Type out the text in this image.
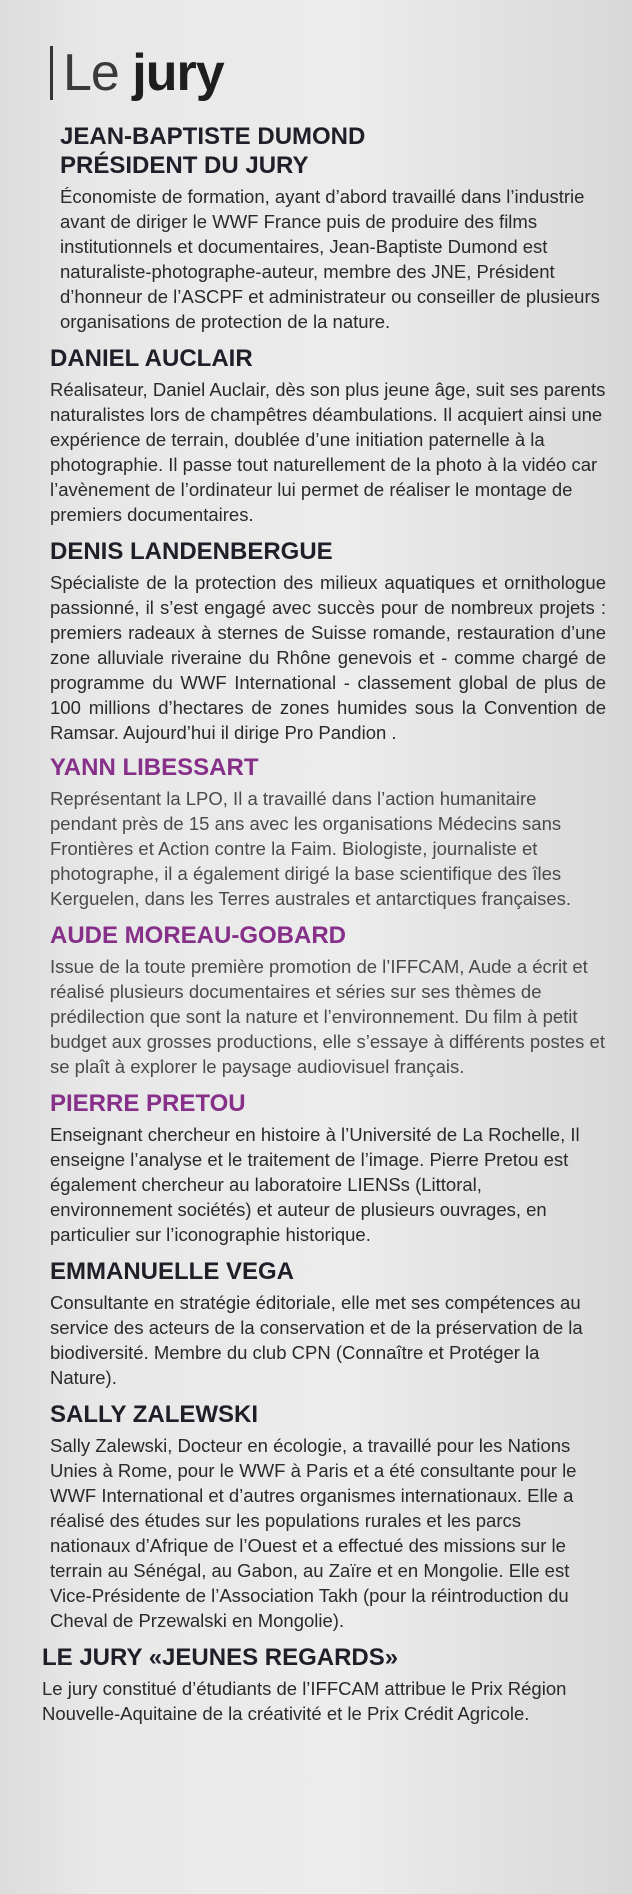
Le jury
JEAN-BAPTISTE DUMOND
PRÉSIDENT DU JURY
Économiste de formation, ayant d’abord travaillé dans l’industrie avant de diriger le WWF France puis de produire des films institutionnels et documentaires, Jean-Baptiste Dumond est naturaliste-photographe-auteur, membre des JNE, Président d’honneur de l’ASCPF et administrateur ou conseiller de plusieurs organisations de protection de la nature.
DANIEL AUCLAIR
Réalisateur, Daniel Auclair, dès son plus jeune âge, suit ses parents naturalistes lors de champêtres déambulations. Il acquiert ainsi une expérience de terrain, doublée d’une initiation paternelle à la photographie. Il passe tout naturellement de la photo à la vidéo car l’avènement de l’ordinateur lui permet de réaliser le montage de premiers documentaires.
DENIS LANDENBERGUE
Spécialiste de la protection des milieux aquatiques et ornithologue passionné, il s’est engagé avec succès pour de nombreux projets : premiers radeaux à sternes de Suisse romande, restauration d’une zone alluviale riveraine du Rhône genevois et - comme chargé de programme du WWF International - classement global de plus de 100 millions d’hectares de zones humides sous la Convention de Ramsar. Aujourd’hui il dirige Pro Pandion .
YANN LIBESSART
Représentant la LPO, Il a travaillé dans l’action humanitaire pendant près de 15 ans avec les organisations Médecins sans Frontières et Action contre la Faim. Biologiste, journaliste et photographe, il a également dirigé la base scientifique des îles Kerguelen, dans les Terres australes et antarctiques françaises.
AUDE MOREAU-GOBARD
Issue de la toute première promotion de l’IFFCAM, Aude a écrit et réalisé plusieurs documentaires et séries sur ses thèmes de prédilection que sont la nature et l’environnement. Du film à petit budget aux grosses productions, elle s’essaye à différents postes et se plaît à explorer le paysage audiovisuel français.
PIERRE PRETOU
Enseignant chercheur en histoire à l’Université de La Rochelle, Il enseigne l’analyse et le traitement de l’image. Pierre Pretou est également chercheur au laboratoire LIENSs (Littoral, environnement sociétés) et auteur de plusieurs ouvrages, en particulier sur l’iconographie historique.
EMMANUELLE VEGA
Consultante en stratégie éditoriale, elle met ses compétences au service des acteurs de la conservation et de la préservation de la biodiversité. Membre du club CPN (Connaître et Protéger la Nature).
SALLY ZALEWSKI
Sally Zalewski, Docteur en écologie, a travaillé pour les Nations Unies à Rome, pour le WWF à Paris et a été consultante pour le WWF International et d’autres organismes internationaux. Elle a réalisé des études sur les populations rurales et les parcs nationaux d’Afrique de l’Ouest et a effectué des missions sur le terrain au Sénégal, au Gabon, au Zaïre et en Mongolie. Elle est Vice-Présidente de l’Association Takh (pour la réintroduction du Cheval de Przewalski en Mongolie).
LE JURY «JEUNES REGARDS»
Le jury constitué d’étudiants de l’IFFCAM attribue le Prix Région Nouvelle-Aquitaine de la créativité et le Prix Crédit Agricole.
